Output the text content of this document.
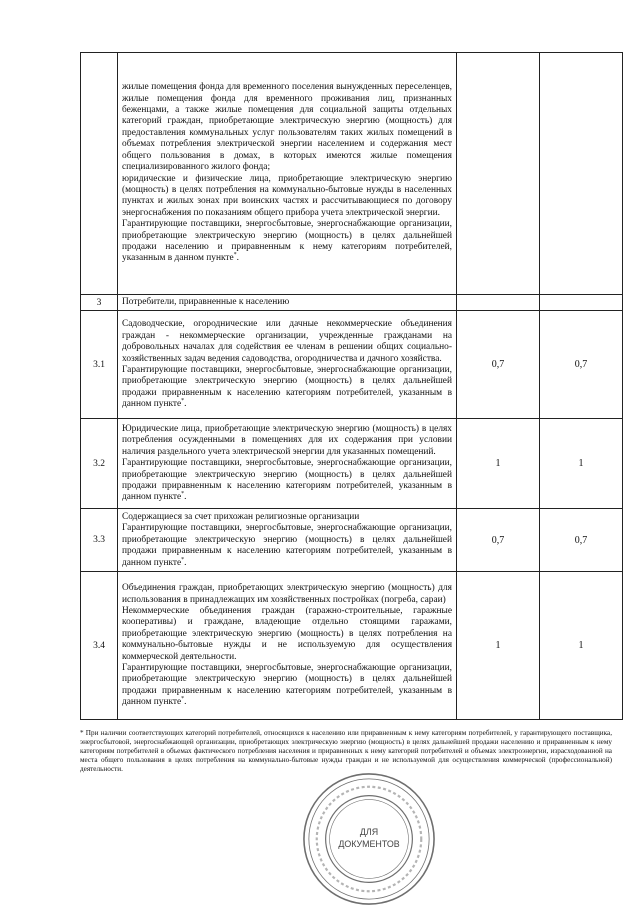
	жилые помещения фонда для временного поселения вынужденных переселенцев, жилые помещения фонда для временного проживания лиц, признанных беженцами, а также жилые помещения для социальной защиты отдельных категорий граждан, приобретающие электрическую энергию (мощность) для предоставления коммунальных услуг пользователям таких жилых помещений в объемах потребления электрической энергии населением и содержания мест общего пользования в домах, в которых имеются жилые помещения специализированного жилого фонда;
юридические и физические лица, приобретающие электрическую энергию (мощность) в целях потребления на коммунально-бытовые нужды в населенных пунктах и жилых зонах при воинских частях и рассчитывающиеся по договору энергоснабжения по показаниям общего прибора учета электрической энергии.
Гарантирующие поставщики, энергосбытовые, энергоснабжающие организации, приобретающие электрическую энергию (мощность) в целях дальнейшей продажи населению и приравненным к нему категориям потребителей, указанным в данном пункте*.		

3	Потребители, приравненные к населению		

3.1	Садоводческие, огороднические или дачные некоммерческие объединения граждан - некоммерческие организации, учрежденные гражданами на добровольных началах для содействия ее членам в решении общих социально-хозяйственных задач ведения садоводства, огородничества и дачного хозяйства.
Гарантирующие поставщики, энергосбытовые, энергоснабжающие организации, приобретающие электрическую энергию (мощность) в целях дальнейшей продажи приравненным к населению категориям потребителей, указанным в данном пункте*.	0,7	0,7
3.2	Юридические лица, приобретающие электрическую энергию (мощность) в целях потребления осужденными в помещениях для их содержания при условии наличия раздельного учета электрической энергии для указанных помещений.
Гарантирующие поставщики, энергосбытовые, энергоснабжающие организации, приобретающие электрическую энергию (мощность) в целях дальнейшей продажи приравненным к населению категориям потребителей, указанным в данном пункте*.	1	1
3.3	Содержащиеся за счет прихожан религиозные организации
Гарантирующие поставщики, энергосбытовые, энергоснабжающие организации, приобретающие электрическую энергию (мощность) в целях дальнейшей продажи приравненным к населению категориям потребителей, указанным в данном пункте*.	0,7	0,7
3.4	Объединения граждан, приобретающих электрическую энергию (мощность) для использования в принадлежащих им хозяйственных постройках (погреба, сараи)
Некоммерческие объединения граждан (гаражно-строительные, гаражные кооперативы) и граждане, владеющие отдельно стоящими гаражами, приобретающие электрическую энергию (мощность) в целях потребления на коммунально-бытовые нужды и не используемую для осуществления коммерческой деятельности.
Гарантирующие поставщики, энергосбытовые, энергоснабжающие организации, приобретающие электрическую энергию (мощность) в целях дальнейшей продажи приравненным к населению категориям потребителей, указанным в данном пункте*.	1	1
* При наличии соответствующих категорий потребителей, относящихся к населению или приравненным к нему категориям потребителей, у гарантирующего поставщика, энергосбытовой, энергоснабжающей организации, приобретающих электрическую энергию (мощность) в целях дальнейшей продажи населению и приравненным к нему категориям потребителей в объемах фактического потребления населения и приравненных к нему категорий потребителей и объемах электроэнергии, израсходованной на места общего пользования в целях потребления на коммунально-бытовые нужды граждан и не используемой для осуществления коммерческой (профессиональной) деятельности.
ДЛЯ
ДОКУМЕНТОВ
